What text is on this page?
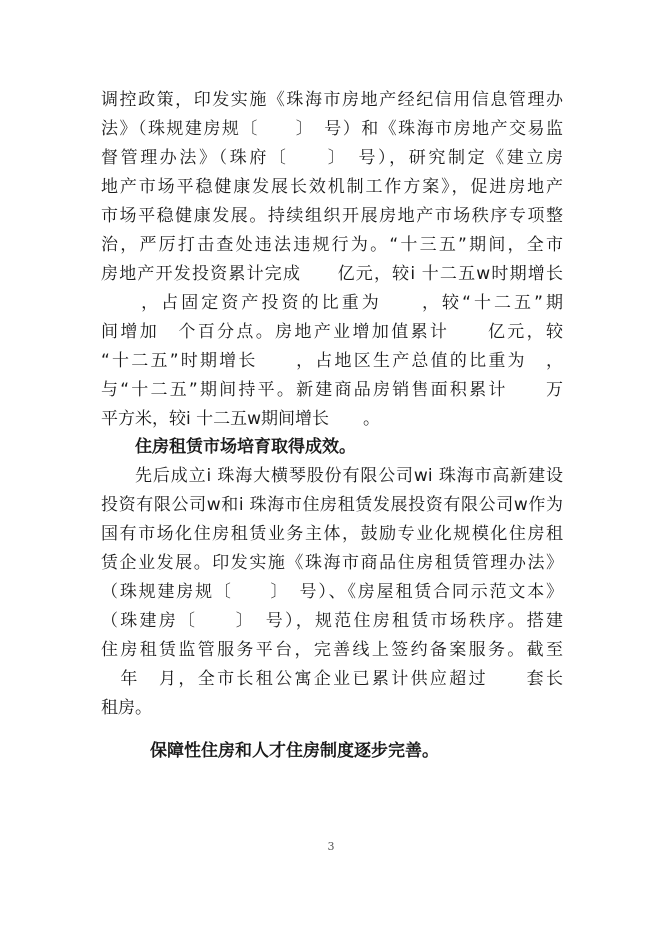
调控政策，印发实施《珠海市房地产经纪信用信息管理办
法》（珠规建房规〔　　〕　号）和《珠海市房地产交易监
督管理办法》（珠府〔　　〕　号），研究制定《建立房
地产市场平稳健康发展长效机制工作方案》，促进房地产
市场平稳健康发展。持续组织开展房地产市场秩序专项整
治，严厉打击查处违法违规行为。“十三五”期间，全市
房地产开发投资累计完成　　亿元，较i 十二五w时期增长
　　，占固定资产投资的比重为　　，较“十二五”期
间增加　个百分点。房地产业增加值累计　　亿元，较
“十二五”时期增长　　，占地区生产总值的比重为　，
与“十二五”期间持平。新建商品房销售面积累计　　万
平方米，较i 十二五w期间增长　　。
住房租赁市场培育取得成效。
先后成立i 珠海大横琴股份有限公司wi 珠海市高新建设
投资有限公司w和i 珠海市住房租赁发展投资有限公司w作为
国有市场化住房租赁业务主体，鼓励专业化规模化住房租
赁企业发展。印发实施《珠海市商品住房租赁管理办法》
（珠规建房规〔　　〕　号）、《房屋租赁合同示范文本》
（珠建房〔　　〕　号），规范住房租赁市场秩序。搭建
住房租赁监管服务平台，完善线上签约备案服务。截至
　年　月，全市长租公寓企业已累计供应超过　　套长
租房。
保障性住房和人才住房制度逐步完善。
3
